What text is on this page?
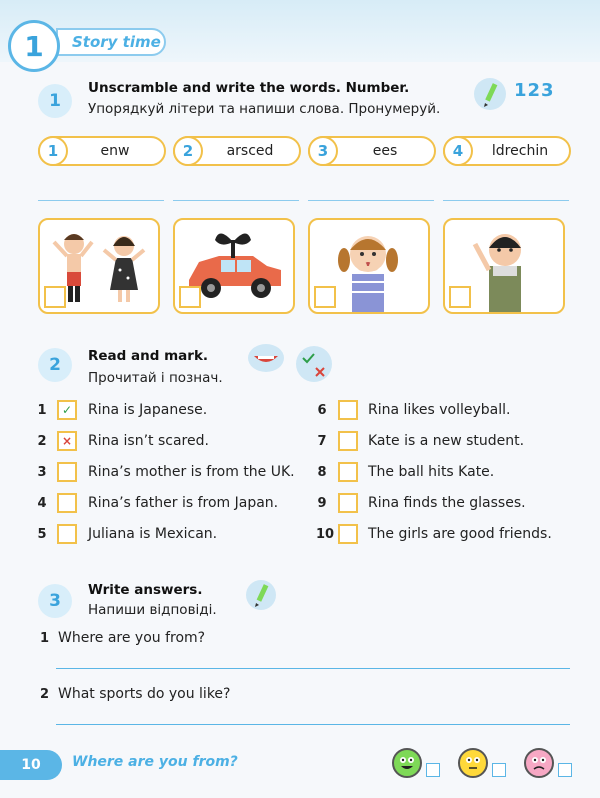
Story time
1
1
Unscramble and write the words. Number.
Упорядкуй літери та напиши слова. Пронумеруй.
123
1	enw	2	arsced	3	ees	4	ldrechin
2	Read and mark.
Прочитай і познач.
1	✓	Rina is Japanese.
2	×	Rina isn’t scared.
3	Rina’s mother is from the UK.
4	Rina’s father is from Japan.
5	Juliana is Mexican.
6	Rina likes volleyball.
7	Kate is a new student.
8	The ball hits Kate.
9	Rina finds the glasses.
10 The girls are good friends.
3
Write answers.
Напиши відповіді.
1 Where are you from?
2 What sports do you like?
10	Where are you from?
